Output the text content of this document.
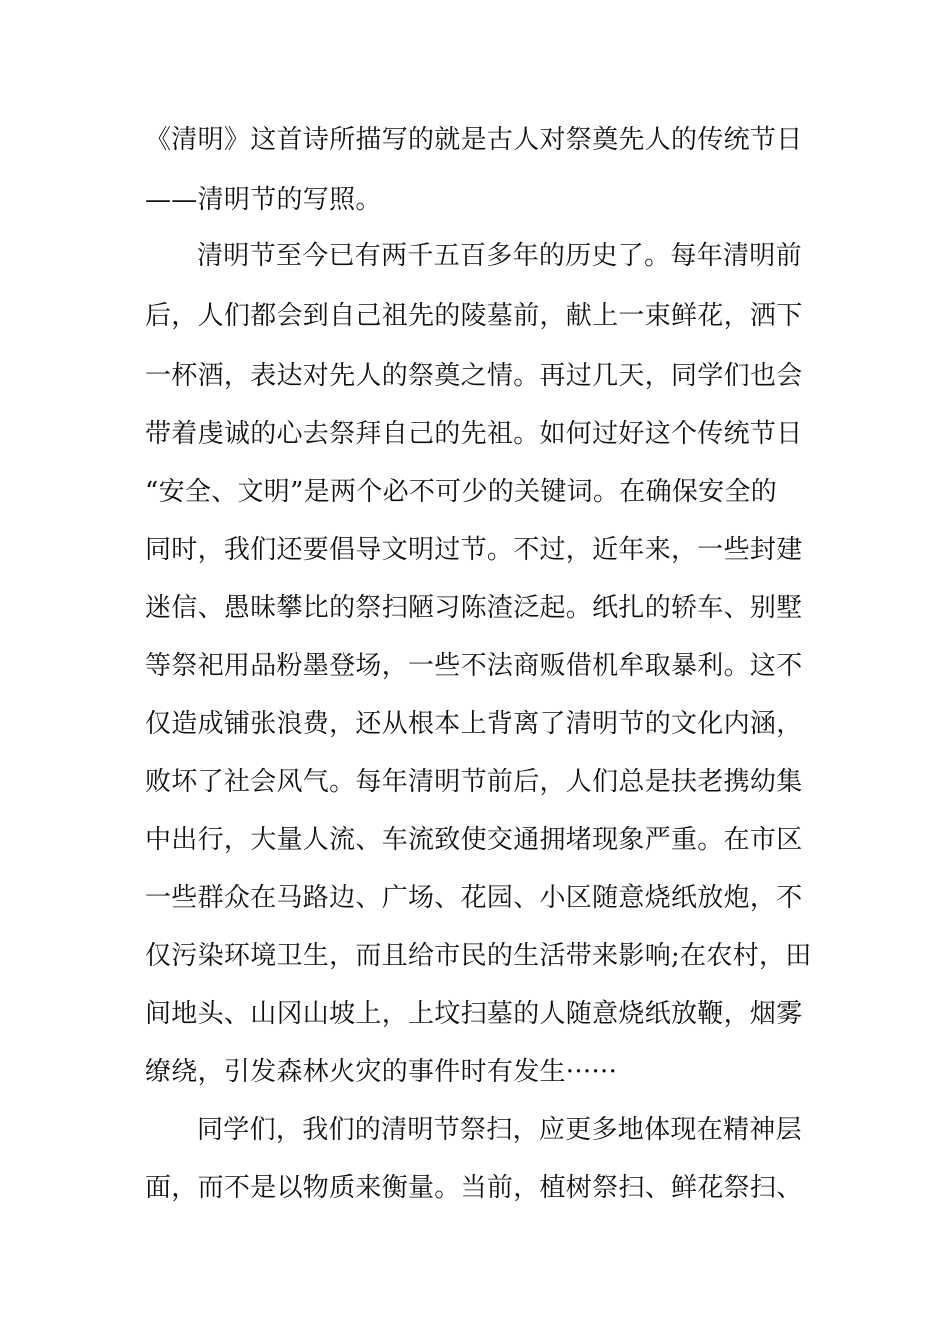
《清明》这首诗所描写的就是古人对祭奠先人的传统节日
——清明节的写照。
清明节至今已有两千五百多年的历史了。每年清明前
后，人们都会到自己祖先的陵墓前，献上一束鲜花，洒下
一杯酒，表达对先人的祭奠之情。再过几天，同学们也会
带着虔诚的心去祭拜自己的先祖。如何过好这个传统节日
“安全、文明”是两个必不可少的关键词。在确保安全的
同时，我们还要倡导文明过节。不过，近年来，一些封建
迷信、愚昧攀比的祭扫陋习陈渣泛起。纸扎的轿车、别墅
等祭祀用品粉墨登场，一些不法商贩借机牟取暴利。这不
仅造成铺张浪费，还从根本上背离了清明节的文化内涵，
败坏了社会风气。每年清明节前后，人们总是扶老携幼集
中出行，大量人流、车流致使交通拥堵现象严重。在市区
一些群众在马路边、广场、花园、小区随意烧纸放炮，不
仅污染环境卫生，而且给市民的生活带来影响;在农村，田
间地头、山冈山坡上，上坟扫墓的人随意烧纸放鞭，烟雾
缭绕，引发森林火灾的事件时有发生······
同学们，我们的清明节祭扫，应更多地体现在精神层
面，而不是以物质来衡量。当前，植树祭扫、鲜花祭扫、
